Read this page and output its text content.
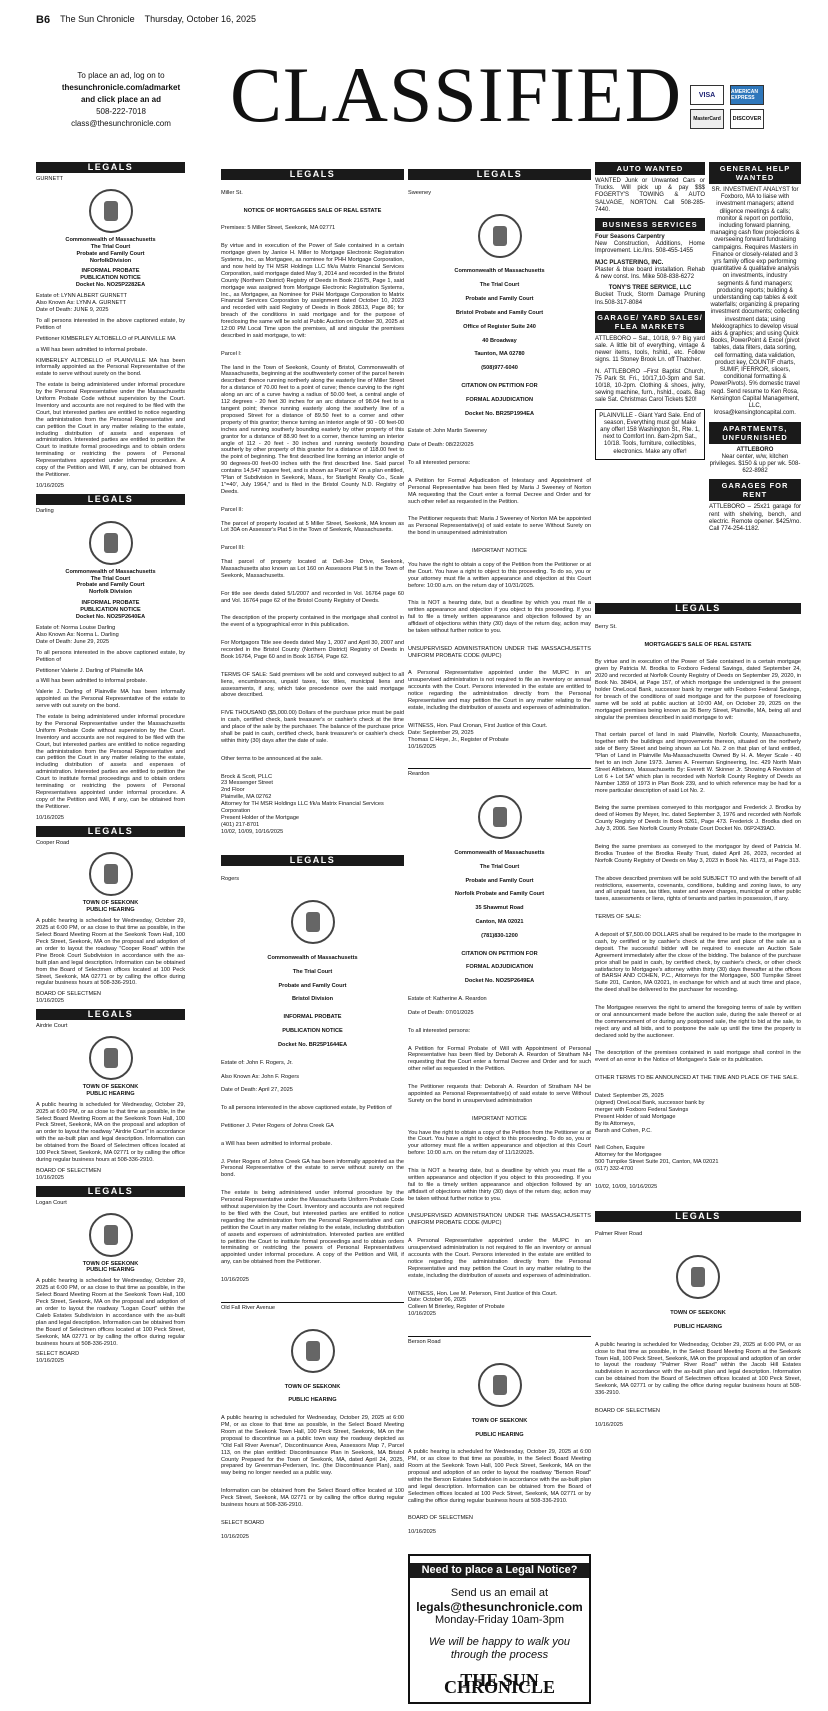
B6 The Sun Chronicle Thursday, October 16, 2025
To place an ad, log on to
thesunchronicle.com/admarket
and click place an ad
508-222-7018
class@thesunchronicle.com CLASSIFIED	VISA	AMERICAN EXPRESS
MasterCard	DISCOVER
LEGALS
GURNETT
Commonwealth of Massachusetts
The Trial Court
Probate and Family Court
NorfolkDivision
INFORMAL PROBATE
PUBLICATION NOTICE
Docket No. NO25P2282EA
Estate of: LYNN ALBERT GURNETT
Also Known As: LYNN A. GURNETT
Date of Death: JUNE 9, 2025
To all persons interested in the above captioned estate, by Petition of
Petitioner KIMBERLEY ALTOBELLO of PLAINVILLE MA
a Will has been admitted to informal probate.
KIMBERLEY ALTOBELLO of PLAINVILLE MA has been informally appointed as the Personal Representative of the estate to serve without surety on the bond.
The estate is being administered under informal procedure by the Personal Representative under the Massachusetts Uniform Probate Code without supervision by the Court. Inventory and accounts are not required to be filed with the Court, but interested parties are entitled to notice regarding the administration from the Personal Representative and can petition the Court in any matter relating to the estate, including distribution of assets and expenses of administration. Interested parties are entitled to petition the Court to institute formal proceedings and to obtain orders terminating or restricting the powers of Personal Representatives appointed under informal procedure. A copy of the Petition and Will, if any, can be obtained from the Petitioner.
10/16/2025
LEGALS
Darling
Commonwealth of Massachusetts
The Trial Court
Probate and Family Court
Norfolk Division
INFORMAL PROBATE
PUBLICATION NOTICE
Docket No. NO25P2640EA
Estate of: Norma Louise Darling
Also Known As: Norma L. Darling
Date of Death: June 29, 2025
To all persons interested in the above captioned estate, by Petition of
Petitioner Valerie J. Darling of Plainville MA
a Will has been admitted to informal probate.
Valerie J. Darling of Plainville MA has been informally appointed as the Personal Representative of the estate to serve with out surety on the bond.
The estate is being administered under informal procedure by the Personal Representative under the Massachusetts Uniform Probate Code without supervision by the Court. Inventory and accounts are not required to be filed with the Court, but interested parties are entitled to notice regarding the administration from the Personal Representative and can petition the Court in any matter relating to the estate, including distribution of assets and expenses of administration. Interested parties are entitled to petition the Court to institute formal proceedings and to obtain orders terminating or restricting the powers of Personal Representatives appointed under informal procedure. A copy of the Petition and Will, if any, can be obtained from the Petitioner.
10/16/2025
LEGALS
Cooper Road
TOWN OF SEEKONK
PUBLIC HEARING
A public hearing is scheduled for Wednesday, October 29, 2025 at 6:00 PM, or as close to that time as possible, in the Select Board Meeting Room at the Seekonk Town Hall, 100 Peck Street, Seekonk, MA on the proposal and adoption of an order to layout the roadway "Cooper Road" within the Pine Brook Court Subdivision in accordance with the as-built plan and legal description. Information can be obtained from the Board of Selectmen offices located at 100 Peck Street, Seekonk, MA 02771 or by calling the office during regular business hours at 508-336-2910.
BOARD OF SELECTMEN
10/16/2025
LEGALS
Airdrie Court
TOWN OF SEEKONK
PUBLIC HEARING
A public hearing is scheduled for Wednesday, October 29, 2025 at 6:00 PM, or as close to that time as possible, in the Select Board Meeting Room at the Seekonk Town Hall, 100 Peck Street, Seekonk, MA on the proposal and adoption of an order to layout the roadway "Airdrie Court" in accordance with the as-built plan and legal description. Information can be obtained from the Board of Selectmen offices located at 100 Peck Street, Seekonk, MA 02771 or by calling the office during regular business hours at 508-336-2910.
BOARD OF SELECTMEN
10/16/2025
LEGALS
Logan Court
TOWN OF SEEKONK
PUBLIC HEARING
A public hearing is scheduled for Wednesday, October 29, 2025 at 6:00 PM, or as close to that time as possible, in the Select Board Meeting Room at the Seekonk Town Hall, 100 Peck Street, Seekonk, MA on the proposal and adoption of an order to layout the roadway "Logan Court" within the Caleb Estates Subdivision in accordance with the as-built plan and legal description. Information can be obtained from the Board of Selectmen offices located at 100 Peck Street, Seekonk, MA 02771 or by calling the office during regular business hours at 508-336-2910.
SELECT BOARD
10/16/2025

LEGALS

Miller St.

NOTICE OF MORTGAGEES SALE OF REAL ESTATE

Premises: 5 Miller Street, Seekonk, MA 02771

By virtue and in execution of the Power of Sale contained in a certain mortgage given by Janice H. Miller to Mortgage Electronic Registration Systems, Inc., as Mortgagee, as nominee for PHH Mortgage Corporation, and now held by TH MSR Holdings LLC f/k/a Matrix Financial Services Corporation, said mortgage dated May 9, 2014 and recorded in the Bristol County (Northern District) Registry of Deeds in Book 21675, Page 1, said mortgage was assigned from Mortgage Electronic Registration Systems, Inc., as Mortgagee, as Nominee for PHH Mortgage Corporation to Matrix Financial Services Corporation by assignment dated October 10, 2023 and recorded with said Registry of Deeds in Book 28613, Page 86; for breach of the conditions in said mortgage and for the purpose of foreclosing the same will be sold at Public Auction on October 30, 2025 at 12:00 PM Local Time upon the premises, all and singular the premises described in said mortgage, to wit:

Parcel I:

The land in the Town of Seekonk, County of Bristol, Commonwealth of Massachusetts, beginning at the southwesterly corner of the parcel herein described: thence running northerly along the easterly line of Miller Street for a distance of 70.00 feet to a point of curve; thence curving to the right along an arc of a curve having a radius of 50.00 feet, a central angle of 112 degrees - 20 feet 30 inches for an arc distance of 98.04 feet to a tangent point; thence running easterly along the southerly line of a proposed Street for a distance of 89.50 feet to a corner and other property of this grantor; thence turning an interior angle of 90 - 00 feet-00 inches and running southerly bounding easterly by other property of this grantor for a distance of 88.90 feet to a corner, thence turning an interior angle of 112 - 20 feet - 30 inches and running westerly bounding southerly by other property of this grantor for a distance of 118.00 feet to the point of beginning. The first described line forming an interior angle of 90 degrees-00 feet-00 inches with the first described line. Said parcel contains 14,547 square feet, and is shown as Parcel 'A' on a plan entitled, "Plan of Subdivision in Seekonk, Mass., for Starlight Realty Co., Scale 1"=40', July 1964," and is filed in the Bristol County N.D. Registry of Deeds.

Parcel II:

The parcel of property located at 5 Miller Street, Seekonk, MA known as Lot 30A on Assessor's Plat 5 in the Town of Seekonk, Massachusetts.

Parcel III:

That parcel of property located at Dell-Joe Drive, Seekonk, Massachusetts also known as Lot 160 on Assessors Plat 5 in the Town of Seekonk, Massachusetts.

For title see deeds dated 5/1/2007 and recorded in Vol. 16764 page 60 and Vol. 16764 page 62 of the Bristol County Registry of Deeds.

The description of the property contained in the mortgage shall control in the event of a typographical error in this publication.

For Mortgagors Title see deeds dated May 1, 2007 and April 30, 2007 and recorded in the Bristol County (Northern District) Registry of Deeds in Book 16764, Page 60 and in Book 16764, Page 62.

TERMS OF SALE: Said premises will be sold and conveyed subject to all liens, encumbrances, unpaid taxes, tax titles, municipal liens and assessments, if any, which take precedence over the said mortgage above described.

FIVE THOUSAND ($5,000.00) Dollars of the purchase price must be paid in cash, certified check, bank treasurer's or cashier's check at the time and place of the sale by the purchaser. The balance of the purchase price shall be paid in cash, certified check, bank treasurer's or cashier's check within thirty (30) days after the date of sale.

Other terms to be announced at the sale.

Brock & Scott, PLLC
23 Messenger Street
2nd Floor
Plainville, MA 02762
Attorney for TH MSR Holdings LLC f/k/a Matrix Financial Services Corporation
Present Holder of the Mortgage
(401) 217-8701
10/02, 10/09, 10/16/2025

LEGALS

Rogers

Commonwealth of Massachusetts

The Trial Court

Probate and Family Court

Bristol Division

INFORMAL PROBATE

PUBLICATION NOTICE

Docket No. BR25P1644EA

Estate of: John F. Rogers, Jr.

Also Known As: John F. Rogers

Date of Death: April 27, 2025

To all persons interested in the above captioned estate, by Petition of

Petitioner J. Peter Rogers of Johns Creek GA

a Will has been admitted to informal probate.

J. Peter Rogers of Johns Creek GA has been informally appointed as the Personal Representative of the estate to serve without surety on the bond.

The estate is being administered under informal procedure by the Personal Representative under the Massachusetts Uniform Probate Code without supervision by the Court. Inventory and accounts are not required to be filed with the Court, but interested parties are entitled to notice regarding the administration from the Personal Representative and can petition the Court in any matter relating to the estate, including distribution of assets and expenses of administration. Interested parties are entitled to petition the Court to institute formal proceedings and to obtain orders terminating or restricting the powers of Personal Representatives appointed under informal procedure. A copy of the Petition and Will, if any, can be obtained from the Petitioner.

10/16/2025

Old Fall River Avenue

TOWN OF SEEKONK

PUBLIC HEARING

A public hearing is scheduled for Wednesday, October 29, 2025 at 6:00 PM, or as close to that time as possible, in the Select Board Meeting Room at the Seekonk Town Hall, 100 Peck Street, Seekonk, MA on the proposal to discontinue as a public town way the roadway depicted as "Old Fall River Avenue", Discontinuance Area, Assessors Map 7, Parcel 113, on the plan entitled: Discontinuance Plan in Seekonk, MA Bristol County Prepared for the Town of Seekonk, MA, dated April 24, 2025, prepared by Greenman-Pedersen, Inc. (the Discontinuance Plan), said way being no longer needed as a public way.

Information can be obtained from the Select Board office located at 100 Peck Street, Seekonk, MA 02771 or by calling the office during regular business hours at 508-336-2910.

SELECT BOARD

10/16/2025

LEGALS

Sweeney

Commonwealth of Massachusetts

The Trial Court

Probate and Family Court

Bristol Probate and Family Court

Office of Register Suite 240

40 Broadway

Taunton, MA 02780

(508)977-6040

CITATION ON PETITION FOR

FORMAL ADJUDICATION

Docket No. BR25P1994EA

Estate of: John Martin Sweeney

Date of Death: 08/22/2025

To all interested persons:

A Petition for Formal Adjudication of Intestacy and Appointment of Personal Representative has been filed by Maria J Sweeney of Norton MA requesting that the Court enter a formal Decree and Order and for such other relief as requested in the Petition.

The Petitioner requests that: Maria J Sweeney of Norton MA be appointed as Personal Representative(s) of said estate to serve Without Surety on the bond in unsupervised administration

IMPORTANT NOTICE

You have the right to obtain a copy of the Petition from the Petitioner or at the Court. You have a right to object to this proceeding. To do so, you or your attorney must file a written appearance and objection at this Court before: 10:00 a.m. on the return day of 10/31/2025.

This is NOT a hearing date, but a deadline by which you must file a written appearance and objection if you object to this proceeding. If you fail to file a timely written appearance and objection followed by an affidavit of objections within thirty (30) days of the return day, action may be taken without further notice to you.

UNSUPERVISED ADMINISTRATION UNDER THE MASSACHUSETTS UNIFORM PROBATE CODE (MUPC)

A Personal Representative appointed under the MUPC in an unsupervised administration is not required to file an inventory or annual accounts with the Court. Persons interested in the estate are entitled to notice regarding the administration directly from the Personal Representative and may petition the Court in any matter relating to the estate, including the distribution of assets and expenses of administration.

WITNESS, Hon. Paul Cronan, First Justice of this Court.
Date: September 29, 2025
Thomas C Hoye, Jr., Register of Probate
10/16/2025

Reardon

Commonwealth of Massachusetts

The Trial Court

Probate and Family Court

Norfolk Probate and Family Court

35 Shawmut Road

Canton, MA 02021

(781)830-1200

CITATION ON PETITION FOR

FORMAL ADJUDICATION

Docket No. NO25P2649EA

Estate of: Katherine A. Reardon

Date of Death: 07/01/2025

To all interested persons:

A Petition for Formal Probate of Will with Appointment of Personal Representative has been filed by Deborah A. Reardon of Stratham NH requesting that the Court enter a formal Decree and Order and for such other relief as requested in the Petition.

The Petitioner requests that: Deborah A. Reardon of Stratham NH be appointed as Personal Representative(s) of said estate to serve Without Surety on the bond in unsupervised administration

IMPORTANT NOTICE

You have the right to obtain a copy of the Petition from the Petitioner or at the Court. You have a right to object to this proceeding. To do so, you or your attorney must file a written appearance and objection at this Court before: 10:00 a.m. on the return day of 11/12/2025.

This is NOT a hearing date, but a deadline by which you must file a written appearance and objection if you object to this proceeding. If you fail to file a timely written appearance and objection followed by an affidavit of objections within thirty (30) days of the return day, action may be taken without further notice to you.

UNSUPERVISED ADMINISTRATION UNDER THE MASSACHUSETTS UNIFORM PROBATE CODE (MUPC)

A Personal Representative appointed under the MUPC in an unsupervised administration is not required to file an inventory or annual accounts with the Court. Persons interested in the estate are entitled to notice regarding the administration directly from the Personal Representative and may petition the Court in any matter relating to the estate, including the distribution of assets and expenses of administration.

WITNESS, Hon. Lee M. Peterson, First Justice of this Court.
Date: October 06, 2025
Colleen M Brierley, Register of Probate
10/16/2025

Berson Road

TOWN OF SEEKONK

PUBLIC HEARING

A public hearing is scheduled for Wednesday, October 29, 2025 at 6:00 PM, or as close to that time as possible, in the Select Board Meeting Room at the Seekonk Town Hall, 100 Peck Street, Seekonk, MA on the proposal and adoption of an order to layout the roadway "Berson Road" within the Berson Estates Subdivision in accordance with the as-built plan and legal description. Information can be obtained from the Board of Selectmen offices located at 100 Peck Street, Seekonk, MA 02771 or by calling the office during regular business hours at 508-336-2910.

BOARD OF SELECTMEN

10/16/2025

Need to place a Legal Notice?

Send us an email at

legals@thesunchronicle.com

Monday-Friday 10am-3pm

We will be happy to walk you through the process

THE SUN CHRONICLE

AUTO WANTED
WANTED Junk or Unwanted Cars or Trucks. Will pick up & pay $$$ FOGERTY'S TOWING & AUTO SALVAGE, NORTON. Call 508-285-7440.
BUSINESS SERVICES
Four Seasons Carpentry
New Construction, Additions, Home Improvement. Lic./Ins. 508-455-1455
MJC PLASTERING, INC.
Plaster & blue board installation. Rehab & new const. Ins. Mike 508-838-6272
TONY'S TREE SERVICE, LLC
Bucket Truck, Storm Damage Pruning Ins.508-317-8084
GARAGE/ YARD SALES/ FLEA MARKETS
ATTLEBORO – Sat., 10/18, 9-? Big yard sale. A little bit of everything, vintage & newer items, tools, hshld., etc. Follow signs. 11 Stoney Brook Ln. off Thatcher.
N. ATTLEBORO –First Baptist Church, 75 Park St. Fri., 10/17,10-3pm and Sat. 10/18, 10-2pm. Clothing & shoes, jwlry, sewing machine, furn., hshld., coats. Bag sale Sat. Christmas Carol Tickets $20!
PLAINVILLE - Giant Yard Sale. End of season, Everything must go! Make any offer! 158 Washington St., Rte. 1, next to Comfort Inn. 8am-2pm Sat., 10/18. Tools, furniture, collectibles, electronics. Make any offer!
GENERAL HELP WANTED
SR. INVESTMENT ANALYST for Foxboro, MA to liaise with investment managers; attend diligence meetings & calls; monitor & report on portfolio, including forward planning, managing cash flow projections & overseeing forward fundraising campaigns. Requires Masters in Finance or closely-related and 3 yrs family office exp performing quantitative & qualitative analysis on investments, industry segments & fund managers; producing reports; building & understanding cap tables & exit waterfalls; organizing & preparing investment documents; collecting investment data; using Mekkographics to develop visual aids & graphics; and using Quick Books, PowerPoint & Excel (pivot tables, data filters, data sorting, cell formatting, data validation, product key, COUNTIF charts, SUMIF, IFERROR, slicers, conditional formatting & PowerPivots). 5% domestic travel reqd. Send resume to Ken Rosa, Kensington Capital Management, LLC, krosa@kensingtoncapital.com.
APARTMENTS, UNFURNISHED
ATTLEBORO
Near center, w/w, kitchen privileges. $150 & up per wk. 508-622-8982
GARAGES FOR RENT
ATTLEBORO – 25x21 garage for rent with shelving, bench, and electric. Remote opener. $425/mo. Call 774-254-1182.

LEGALS

Berry St.

MORTGAGEE'S SALE OF REAL ESTATE

By virtue and in execution of the Power of Sale contained in a certain mortgage given by Patricia M. Brodka to Foxboro Federal Savings, dated September 24, 2020 and recorded at Norfolk County Registry of Deeds on September 29, 2020, in Book No. 38404, at Page 157, of which mortgage the undersigned is the present holder OneLocal Bank, successor bank by merger with Foxboro Federal Savings, for breach of the conditions of said mortgage and for the purpose of foreclosing same will be sold at public auction at 10:00 AM, on October 29, 2025 on the mortgaged premises being known as 36 Berry Street, Plainville, MA, being all and singular the premises described in said mortgage to wit:

That certain parcel of land in said Plainville, Norfolk County, Massachusetts, together with the buildings and improvements thereon, situated on the northerly side of Berry Street and being shown as Lot No. 2 on that plan of land entitled, "Plan of Land in Plainville Ma-Massachusetts Owned By H. A. Meyer Scale - 40 feet to an inch June 1973. James A. Freeman Engineering, Inc. 429 North Main Street Attleboro, Massachusetts By: Everett W. Skinner Jr. Showing A Revision of Lot 6 + Lot 5A" which plan is recorded with Norfolk County Registry of Deeds as Number 1359 of 1973 in Plan Book 239, and to which reference may be had for a more particular description of said Lot No. 2.

Being the same premises conveyed to this mortgagor and Frederick J. Brodka by deed of Homes By Meyer, Inc. dated September 3, 1976 and recorded with Norfolk County Registry of Deeds in Book 5261, Page 473. Frederick J. Brodka died on July 3, 2006. See Norfolk County Probate Court Docket No. 06P2439AD.

Being the same premises as conveyed to the mortgagor by deed of Patricia M. Brodka Trustee of the Brodka Realty Trust, dated April 26, 2023, recorded at Norfolk County Registry of Deeds on May 3, 2023 in Book No. 41173, at Page 313.

The above described premises will be sold SUBJECT TO and with the benefit of all restrictions, easements, covenants, conditions, building and zoning laws, to any and all unpaid taxes, tax titles, water and sewer charges, municipal or other public taxes, assessments or liens, rights of tenants and parties in possession, if any.

TERMS OF SALE:

A deposit of $7,500.00 DOLLARS shall be required to be made to the mortgagee in cash, by certified or by cashier's check at the time and place of the sale as a deposit. The successful bidder will be required to execute an Auction Sale Agreement immediately after the close of the bidding. The balance of the purchase price shall be paid in cash, by certified check, by cashier's check, or other check satisfactory to Mortgagee's attorney within thirty (30) days thereafter at the offices of BARSH AND COHEN, P.C., Attorneys for the Mortgagee, 500 Turnpike Street Suite 201, Canton, MA 02021, in exchange for which and at such time and place, the deed shall be delivered to the purchaser for recording.

The Mortgagee reserves the right to amend the foregoing terms of sale by written or oral announcement made before the auction sale, during the sale thereof or at the commencement of or during any postponed sale, the right to bid at the sale, to reject any and all bids, and to postpone the sale up until the time the property is declared sold by the auctioneer.

The description of the premises contained in said mortgage shall control in the event of an error in the Notice of Mortgagee's Sale or its publication.

OTHER TERMS TO BE ANNOUNCED AT THE TIME AND PLACE OF THE SALE.

Dated: September 25, 2025
(signed) OneLocal Bank, successor bank by
merger with Foxboro Federal Savings
Present Holder of said Mortgage
By its Attorneys,
Barsh and Cohen, P.C.

Neil Cohen, Esquire
Attorney for the Mortgagee
500 Turnpike Street Suite 201, Canton, MA 02021
(617) 332-4700

10/02, 10/09, 10/16/2025

LEGALS

Palmer River Road

TOWN OF SEEKONK

PUBLIC HEARING

A public hearing is scheduled for Wednesday, October 29, 2025 at 6:00 PM, or as close to that time as possible, in the Select Board Meeting Room at the Seekonk Town Hall, 100 Peck Street, Seekonk, MA on the proposal and adoption of an order to layout the roadway "Palmer River Road" within the Jacob Hill Estates subdivision in accordance with the as-built plan and legal description. Information can be obtained from the Board of Selectmen offices located at 100 Peck Street, Seekonk, MA 02771 or by calling the office during regular business hours at 508-336-2910.

BOARD OF SELECTMEN

10/16/2025
